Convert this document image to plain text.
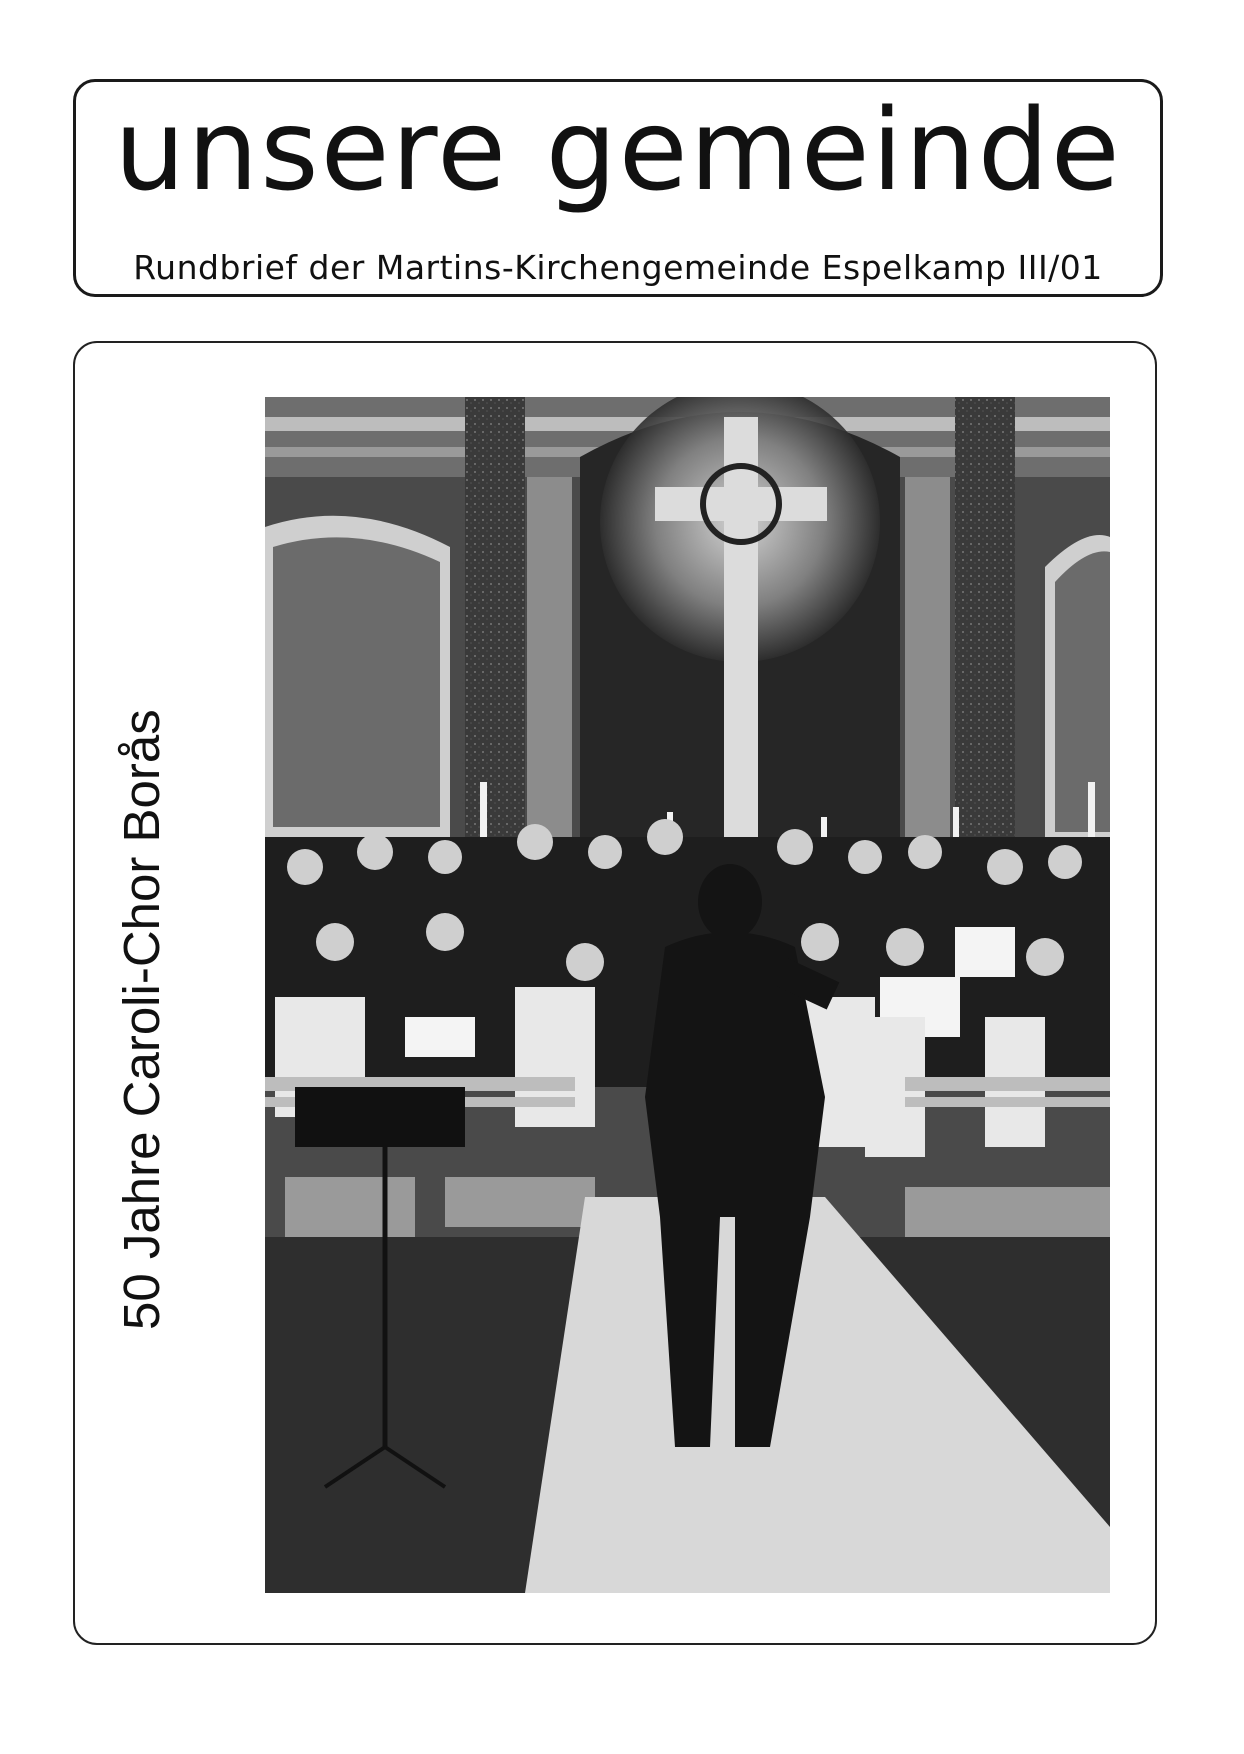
unsere gemeinde
Rundbrief der Martins-Kirchengemeinde Espelkamp III/01
50 Jahre Caroli-Chor Borås
